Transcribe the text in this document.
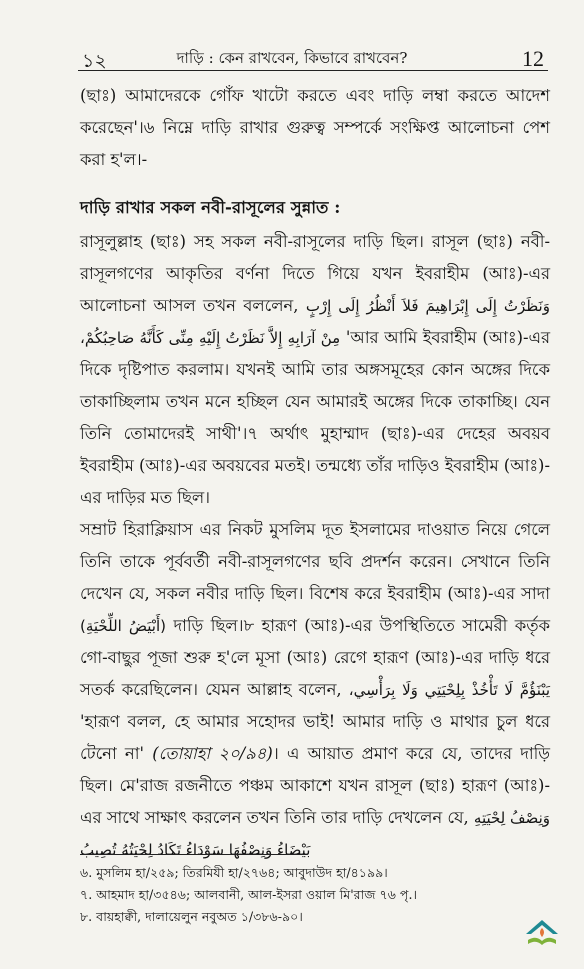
১২	দাড়ি : কেন রাখবেন, কিভাবে রাখবেন?	12

(ছাঃ) আমাদেরকে গোঁফ খাটো করতে এবং দাড়ি লম্বা করতে আদেশ করেছেন'।৬ নিম্নে দাড়ি রাখার গুরুত্ব সম্পর্কে সংক্ষিপ্ত আলোচনা পেশ করা হ'ল।-

দাড়ি রাখার সকল নবী-রাসূলের সুন্নাত :

রাসূলুল্লাহ (ছাঃ) সহ সকল নবী-রাসূলের দাড়ি ছিল। রাসূল (ছাঃ) নবী-রাসূলগণের আকৃতির বর্ণনা দিতে গিয়ে যখন ইবরাহীম (আঃ)-এর আলোচনা আসল তখন বললেন, وَنَظَرْتُ إِلَى إِبْرَاهِيمَ فَلاَ أَنْظُرُ إِلَى إِرْبٍ مِنْ آرَابِهِ إِلاَّ نَظَرْتُ إِلَيْهِ مِنِّى كَأَنَّهُ صَاحِبُكُمْ، 'আর আমি ইবরাহীম (আঃ)-এর দিকে দৃষ্টিপাত করলাম। যখনই আমি তার অঙ্গসমূহের কোন অঙ্গের দিকে তাকাচ্ছিলাম তখন মনে হচ্ছিল যেন আমারই অঙ্গের দিকে তাকাচ্ছি। যেন তিনি তোমাদেরই সাথী'।৭ অর্থাৎ মুহাম্মাদ (ছাঃ)-এর দেহের অবয়ব ইবরাহীম (আঃ)-এর অবয়বের মতই। তন্মধ্যে তাঁর দাড়িও ইবরাহীম (আঃ)-এর দাড়ির মত ছিল।

সম্রাট হিরাক্লিয়াস এর নিকট মুসলিম দূত ইসলামের দাওয়াত নিয়ে গেলে তিনি তাকে পূর্ববর্তী নবী-রাসূলগণের ছবি প্রদর্শন করেন। সেখানে তিনি দেখেন যে, সকল নবীর দাড়ি ছিল। বিশেষ করে ইবরাহীম (আঃ)-এর সাদা (أَبْيَضُ اللِّحْيَةِ) দাড়ি ছিল।৮ হারূণ (আঃ)-এর উপস্থিতিতে সামেরী কর্তৃক গো-বাছুর পূজা শুরু হ'লে মূসা (আঃ) রেগে হারূণ (আঃ)-এর দাড়ি ধরে সতর্ক করেছিলেন। যেমন আল্লাহ বলেন, يَبْنَؤُمَّ لَا تَأْخُذْ بِلِحْيَتِي وَلَا بِرَأْسِي، 'হারূণ বলল, হে আমার সহোদর ভাই! আমার দাড়ি ও মাথার চুল ধরে টেনো না' (তোয়াহা ২০/৯৪)। এ আয়াত প্রমাণ করে যে, তাদের দাড়ি ছিল। মে'রাজ রজনীতে পঞ্চম আকাশে যখন রাসূল (ছাঃ) হারূণ (আঃ)-এর সাথে সাক্ষাৎ করলেন তখন তিনি তার দাড়ি দেখলেন যে, وَنِصْفُ لِحْيَتِهِ بَيْضَاءُ وَنِصْفُهَا سَوْدَاءُ تَكَادُ لِحْيَتُهُ تُصِيبُ

৬. মুসলিম হা/২৫৯; তিরমিযী হা/২৭৬৪; আবুদাউদ হা/৪১৯৯।
৭. আহমাদ হা/৩৫৪৬; আলবানী, আল-ইসরা ওয়াল মি'রাজ ৭৬ পৃ.।
৮. বায়হাক্বী, দালায়েলুন নবুঅত ১/৩৮৬-৯০।
